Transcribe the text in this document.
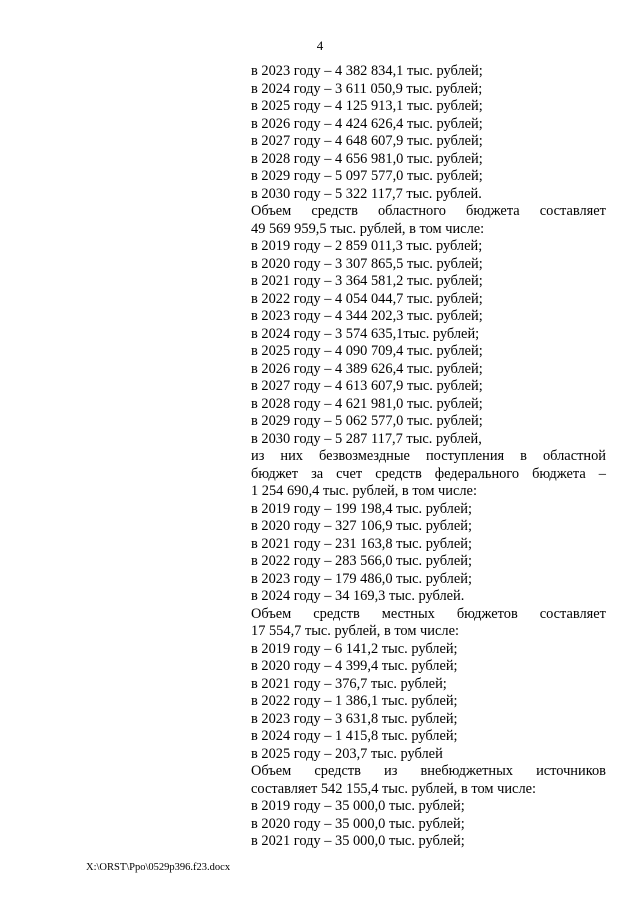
4
в 2023 году – 4 382 834,1 тыс. рублей;
в 2024 году – 3 611 050,9 тыс. рублей;
в 2025 году – 4 125 913,1 тыс. рублей;
в 2026 году – 4 424 626,4 тыс. рублей;
в 2027 году – 4 648 607,9 тыс. рублей;
в 2028 году – 4 656 981,0 тыс. рублей;
в 2029 году – 5 097 577,0 тыс. рублей;
в 2030 году – 5 322 117,7 тыс. рублей.
Объем средств областного бюджета составляет
49 569 959,5 тыс. рублей, в том числе:
в 2019 году – 2 859 011,3 тыс. рублей;
в 2020 году – 3 307 865,5 тыс. рублей;
в 2021 году – 3 364 581,2 тыс. рублей;
в 2022 году – 4 054 044,7 тыс. рублей;
в 2023 году – 4 344 202,3 тыс. рублей;
в 2024 году – 3 574 635,1тыс. рублей;
в 2025 году – 4 090 709,4 тыс. рублей;
в 2026 году – 4 389 626,4 тыс. рублей;
в 2027 году – 4 613 607,9 тыс. рублей;
в 2028 году – 4 621 981,0 тыс. рублей;
в 2029 году – 5 062 577,0 тыс. рублей;
в 2030 году – 5 287 117,7 тыс. рублей,
из них безвозмездные поступления в областной
бюджет за счет средств федерального бюджета –
1 254 690,4 тыс. рублей, в том числе:
в 2019 году – 199 198,4 тыс. рублей;
в 2020 году – 327 106,9 тыс. рублей;
в 2021 году – 231 163,8 тыс. рублей;
в 2022 году – 283 566,0 тыс. рублей;
в 2023 году – 179 486,0 тыс. рублей;
в 2024 году – 34 169,3 тыс. рублей.
Объем средств местных бюджетов составляет
17 554,7 тыс. рублей, в том числе:
в 2019 году – 6 141,2 тыс. рублей;
в 2020 году – 4 399,4 тыс. рублей;
в 2021 году – 376,7 тыс. рублей;
в 2022 году – 1 386,1 тыс. рублей;
в 2023 году – 3 631,8 тыс. рублей;
в 2024 году – 1 415,8 тыс. рублей;
в 2025 году – 203,7 тыс. рублей
Объем средств из внебюджетных источников
составляет 542 155,4 тыс. рублей, в том числе:
в 2019 году – 35 000,0 тыс. рублей;
в 2020 году – 35 000,0 тыс. рублей;
в 2021 году – 35 000,0 тыс. рублей;
X:\ORST\Ppo\0529p396.f23.docx
